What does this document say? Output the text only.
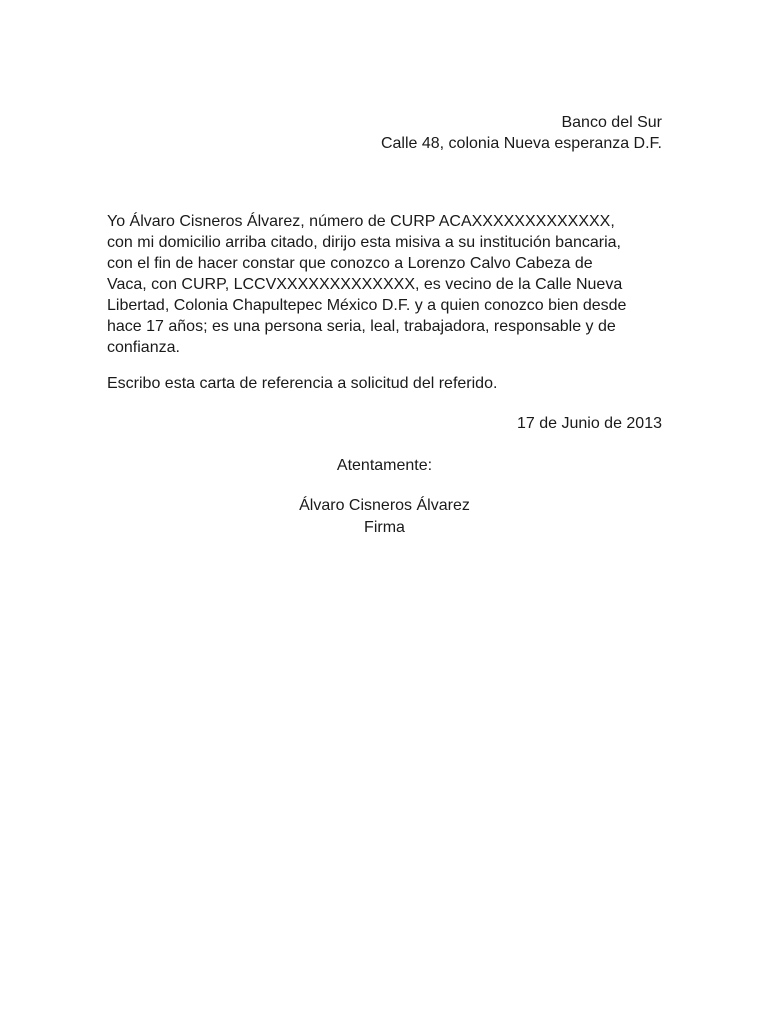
Banco del Sur
Calle 48, colonia Nueva esperanza D.F.
Yo Álvaro Cisneros Álvarez, número de CURP ACAXXXXXXXXXXXXX,
con mi domicilio arriba citado, dirijo esta misiva a su institución bancaria,
con el fin de hacer constar que conozco a Lorenzo Calvo Cabeza de
Vaca, con CURP, LCCVXXXXXXXXXXXXX, es vecino de la Calle Nueva
Libertad, Colonia Chapultepec México D.F. y a quien conozco bien desde
hace 17 años; es una persona seria, leal, trabajadora, responsable y de
confianza.
Escribo esta carta de referencia a solicitud del referido.
17 de Junio de 2013
Atentamente:
Álvaro Cisneros Álvarez
Firma
